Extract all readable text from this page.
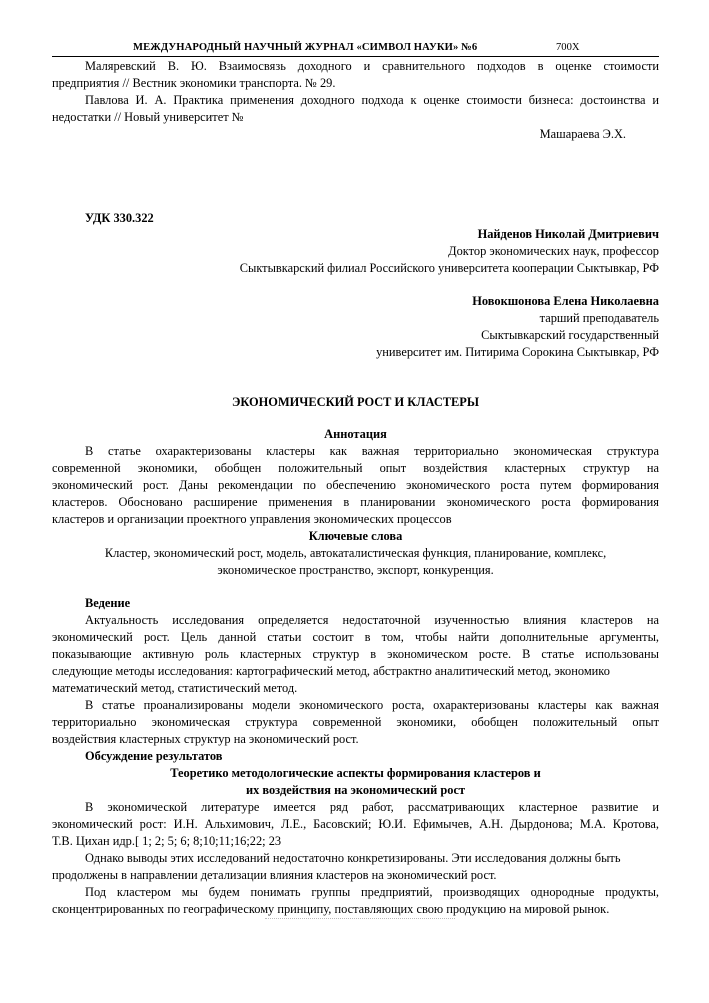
МЕЖДУНАРОДНЫЙ НАУЧНЫЙ ЖУРНАЛ «СИМВОЛ НАУКИ» №6	700Х
Маляревский В. Ю. Взаимосвязь доходного и сравнительного подходов в оценке стоимости
предприятия // Вестник экономики транспорта. № 29.
Павлова И. А. Практика применения доходного подхода к оценке стоимости бизнеса: достоинства и
недостатки // Новый университет №
Машараева Э.Х.
УДК 330.322
Найденов Николай Дмитриевич
Доктор экономических наук, профессор
Сыктывкарский филиал Российского университета кооперации Сыктывкар, РФ
Новокшонова Елена Николаевна
тарший преподаватель
Сыктывкарский государственный
университет им. Питирима Сорокина Сыктывкар, РФ
ЭКОНОМИЧЕСКИЙ РОСТ И КЛАСТЕРЫ
Аннотация
В статье охарактеризованы кластеры как важная территориально экономическая структура
современной экономики, обобщен положительный опыт воздействия кластерных структур на
экономический рост. Даны рекомендации по обеспечению экономического роста путем формирования
кластеров. Обосновано расширение применения в планировании экономического роста формирования
кластеров и организации проектного управления экономических процессов
Ключевые слова
Кластер, экономический рост, модель, автокаталистическая функция, планирование, комплекс,
экономическое пространство, экспорт, конкуренция.
Ведение
Актуальность исследования определяется недостаточной изученностью влияния кластеров на
экономический рост. Цель данной статьи состоит в том, чтобы найти дополнительные аргументы,
показывающие активную роль кластерных структур в экономическом росте. В статье использованы
следующие методы исследования: картографический метод, абстрактно аналитический метод, экономико
математический метод, статистический метод.
В статье проанализированы модели экономического роста, охарактеризованы кластеры как важная
территориально экономическая структура современной экономики, обобщен положительный опыт
воздействия кластерных структур на экономический рост.
Обсуждение результатов
Теоретико методологические аспекты формирования кластеров и
их воздействия на экономический рост
В экономической литературе имеется ряд работ, рассматривающих кластерное развитие и
экономический рост: И.Н. Альхимович, Л.Е., Басовский; Ю.И. Ефимычев, А.Н. Дырдонова; М.А. Кротова,
Т.В. Цихан идр.[ 1; 2; 5; 6; 8;10;11;16;22; 23
Однако выводы этих исследований недостаточно конкретизированы. Эти исследования должны быть
продолжены в направлении детализации влияния кластеров на экономический рост.
Под кластером мы будем понимать группы предприятий, производящих однородные продукты,
сконцентрированных по географическому принципу, поставляющих свою продукцию на мировой рынок.
